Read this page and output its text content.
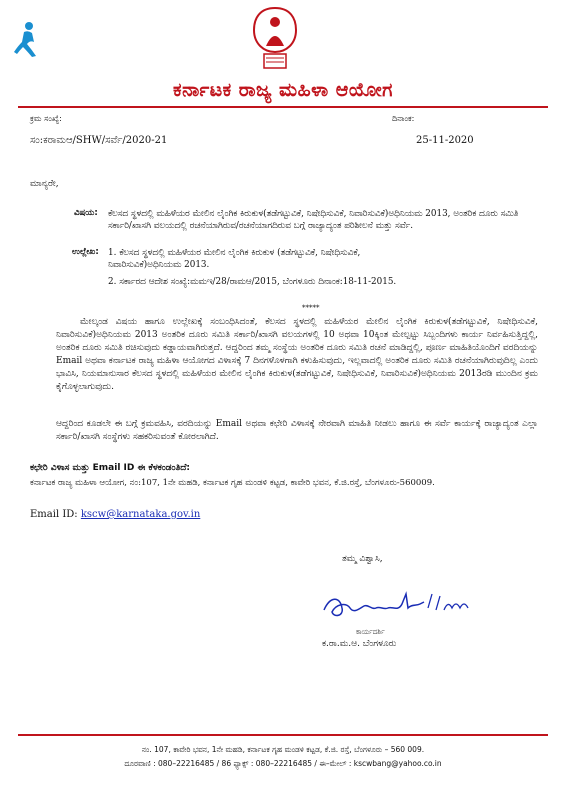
ಕರ್ನಾಟಕ ರಾಜ್ಯ ಮಹಿಳಾ ಆಯೋಗ
ಕ್ರಮ ಸಂಖ್ಯೆ:	ದಿನಾಂಕ:
ಸಂ:ಕರಾಮಆ/SHW/ಸರ್ವೆ/2020-21	25-11-2020
ಮಾನ್ಯರೇ,
ವಿಷಯ: ಕೆಲಸದ ಸ್ಥಳದಲ್ಲಿ ಮಹಿಳೆಯರ ಮೇಲಿನ ಲೈಂಗಿಕ ಕಿರುಕುಳ(ತಡೆಗಟ್ಟುವಿಕೆ, ನಿಷೇಧಿಸುವಿಕೆ, ನಿವಾರಿಸುವಿಕೆ)ಅಧಿನಿಯಮ 2013, ಅಂತರಿಕ ದೂರು ಸಮಿತಿ ಸರ್ಕಾರಿ/ಖಾಸಗಿ ವಲಯದಲ್ಲಿ ರಚನೆಯಾಗಿರುವ/ರಚನೆಯಾಗದಿರುವ ಬಗ್ಗೆ ರಾಜ್ಯಾದ್ಯಂತ ಪರಿಶೀಲನೆ ಮತ್ತು ಸರ್ವೆ.
ಉಲ್ಲೇಖ: 1. ಕೆಲಸದ ಸ್ಥಳದಲ್ಲಿ ಮಹಿಳೆಯರ ಮೇಲಿನ ಲೈಂಗಿಕ ಕಿರುಕುಳ (ತಡೆಗಟ್ಟುವಿಕೆ, ನಿಷೇಧಿಸುವಿಕೆ, ನಿವಾರಿಸುವಿಕೆ)ಅಧಿನಿಯಮ 2013.
2. ಸರ್ಕಾರದ ಆದೇಶ ಸಂಖ್ಯೆ:ಮಮಇ/28/ರಾಮಆ/2015, ಬೆಂಗಳೂರು ದಿನಾಂಕ:18-11-2015.
*****
ಮೇಲ್ಕಂಡ ವಿಷಯ ಹಾಗೂ ಉಲ್ಲೇಖಕ್ಕೆ ಸಂಬಂಧಿಸಿದಂತೆ, ಕೆಲಸದ ಸ್ಥಳದಲ್ಲಿ ಮಹಿಳೆಯರ ಮೇಲಿನ ಲೈಂಗಿಕ ಕಿರುಕುಳ(ತಡೆಗಟ್ಟುವಿಕೆ, ನಿಷೇಧಿಸುವಿಕೆ, ನಿವಾರಿಸುವಿಕೆ)ಅಧಿನಿಯಮ 2013 ಅಂತರಿಕ ದೂರು ಸಮಿತಿ ಸರ್ಕಾರಿ/ಖಾಸಗಿ ವಲಯಗಳಲ್ಲಿ 10 ಅಥವಾ 10ಕ್ಕಿಂತ ಮೇಲ್ಪಟ್ಟು ಸಿಬ್ಬಂದಿಗಳು ಕಾರ್ಯ ನಿರ್ವಹಿಸುತ್ತಿದ್ದಲ್ಲಿ, ಅಂತರಿಕ ದೂರು ಸಮಿತಿ ರಚಿಸುವುದು ಕಡ್ಡಾಯವಾಗಿರುತ್ತದೆ. ಆದ್ದರಿಂದ ತಮ್ಮ ಸಂಸ್ಥೆಯ ಅಂತರಿಕ ದೂರು ಸಮಿತಿ ರಚನೆ ಮಾಡಿದ್ದಲ್ಲಿ, ಪೂರ್ಣ ಮಾಹಿತಿಯೊಂದಿಗೆ ವರದಿಯನ್ನು Email ಅಥವಾ ಕರ್ನಾಟಕ ರಾಜ್ಯ ಮಹಿಳಾ ಆಯೋಗದ ವಿಳಾಸಕ್ಕೆ 7 ದಿನಗಳೊಳಗಾಗಿ ಕಳುಹಿಸುವುದು, ಇಲ್ಲವಾದಲ್ಲಿ ಅಂತರಿಕ ದೂರು ಸಮಿತಿ ರಚನೆಯಾಗಿರುವುದಿಲ್ಲ ಎಂದು ಭಾವಿಸಿ, ನಿಯಮಾನುಸಾರ ಕೆಲಸದ ಸ್ಥಳದಲ್ಲಿ ಮಹಿಳೆಯರ ಮೇಲಿನ ಲೈಂಗಿಕ ಕಿರುಕುಳ(ತಡೆಗಟ್ಟುವಿಕೆ, ನಿಷೇಧಿಸುವಿಕೆ, ನಿವಾರಿಸುವಿಕೆ)ಅಧಿನಿಯಮ 2013ರಡಿ ಮುಂದಿನ ಕ್ರಮ ಕೈಗೊಳ್ಳಲಾಗುವುದು.
ಆದ್ದರಿಂದ ಕೂಡಲೇ ಈ ಬಗ್ಗೆ ಕ್ರಮವಹಿಸಿ, ವರದಿಯನ್ನು Email ಅಥವಾ ಕಛೇರಿ ವಿಳಾಸಕ್ಕೆ ನೇರವಾಗಿ ಮಾಹಿತಿ ನೀಡಲು ಹಾಗೂ ಈ ಸರ್ವೆ ಕಾರ್ಯಕ್ಕೆ ರಾಜ್ಯಾದ್ಯಂತ ಎಲ್ಲಾ ಸರ್ಕಾರಿ/ಖಾಸಗಿ ಸಂಸ್ಥೆಗಳು ಸಹಕರಿಸುವಂತೆ ಕೋರಲಾಗಿದೆ.
ಕಛೇರಿ ವಿಳಾಸ ಮತ್ತು Email ID ಈ ಕೆಳಕಂಡಂತಿದೆ:
ಕರ್ನಾಟಕ ರಾಜ್ಯ ಮಹಿಳಾ ಆಯೋಗ, ನಂ:107, 1ನೇ ಮಹಡಿ, ಕರ್ನಾಟಕ ಗೃಹ ಮಂಡಳಿ ಕಟ್ಟಡ, ಕಾವೇರಿ ಭವನ, ಕೆ.ಜಿ.ರಸ್ತೆ, ಬೆಂಗಳೂರು-560009.
Email ID: kscw@karnataka.gov.in
ತಮ್ಮ ವಿಶ್ವಾಸಿ,
ಕಾರ್ಯದರ್ಶಿ
ಕ.ರಾ.ಮ.ಆ. ಬೆಂಗಳೂರು
ನಂ. 107, ಕಾವೇರಿ ಭವನ, 1ನೇ ಮಹಡಿ, ಕರ್ನಾಟಕ ಗೃಹ ಮಂಡಳಿ ಕಟ್ಟಡ, ಕೆ.ಜಿ. ರಸ್ತೆ, ಬೆಂಗಳೂರು – 560 009.
ದೂರವಾಣಿ : 080–22216485 / 86 ಫ್ಯಾಕ್ಸ್ : 080–22216485 / ಈ–ಮೇಲ್ : kscwbang@yahoo.co.in
